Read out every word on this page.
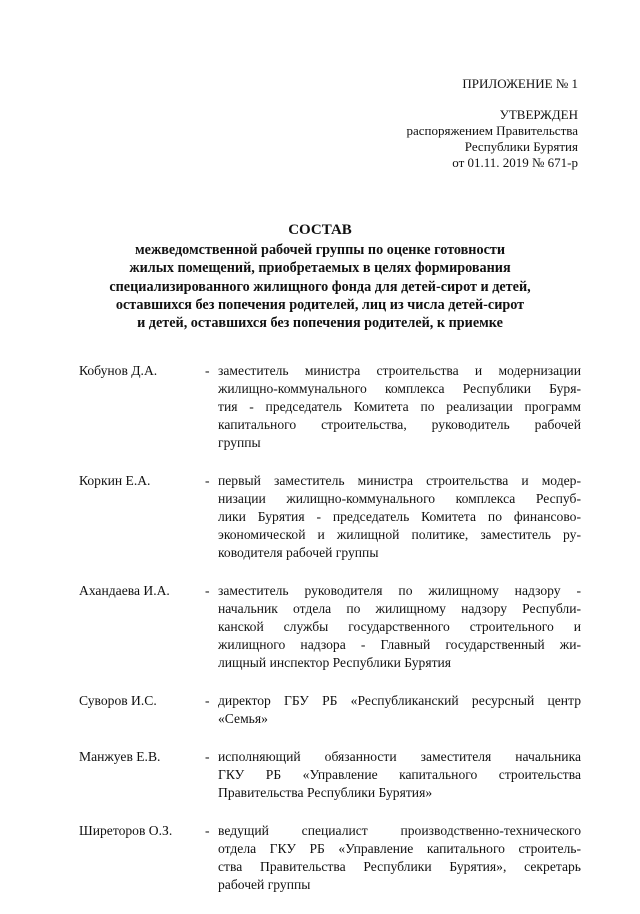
ПРИЛОЖЕНИЕ № 1
УТВЕРЖДЕН
распоряжением Правительства
Республики Бурятия
от 01.11. 2019 № 671-р
СОСТАВ
межведомственной рабочей группы по оценке готовности
жилых помещений, приобретаемых в целях формирования
специализированного жилищного фонда для детей-сирот и детей,
оставшихся без попечения родителей, лиц из числа детей-сирот
и детей, оставшихся без попечения родителей, к приемке
Кобунов Д.А.	- заместитель министра строительства и модернизации
жилищно-коммунального комплекса Республики Буря-
тия - председатель Комитета по реализации программ
капитального строительства, руководитель рабочей
группы
Коркин Е.А.	- первый заместитель министра строительства и модер-
низации жилищно-коммунального комплекса Респуб-
лики Бурятия - председатель Комитета по финансово-
экономической и жилищной политике, заместитель ру-
ководителя рабочей группы
Ахандаева И.А.	- заместитель руководителя по жилищному надзору -
начальник отдела по жилищному надзору Республи-
канской службы государственного строительного и
жилищного надзора - Главный государственный жи-
лищный инспектор Республики Бурятия
Суворов И.С.	- директор ГБУ РБ «Республиканский ресурсный центр
«Семья»
Манжуев Е.В.	- исполняющий обязанности заместителя начальника
ГКУ РБ «Управление капитального строительства
Правительства Республики Бурятия»
Ширеторов О.З.	- ведущий специалист производственно-технического
отдела ГКУ РБ «Управление капитального строитель-
ства Правительства Республики Бурятия», секретарь
рабочей группы
